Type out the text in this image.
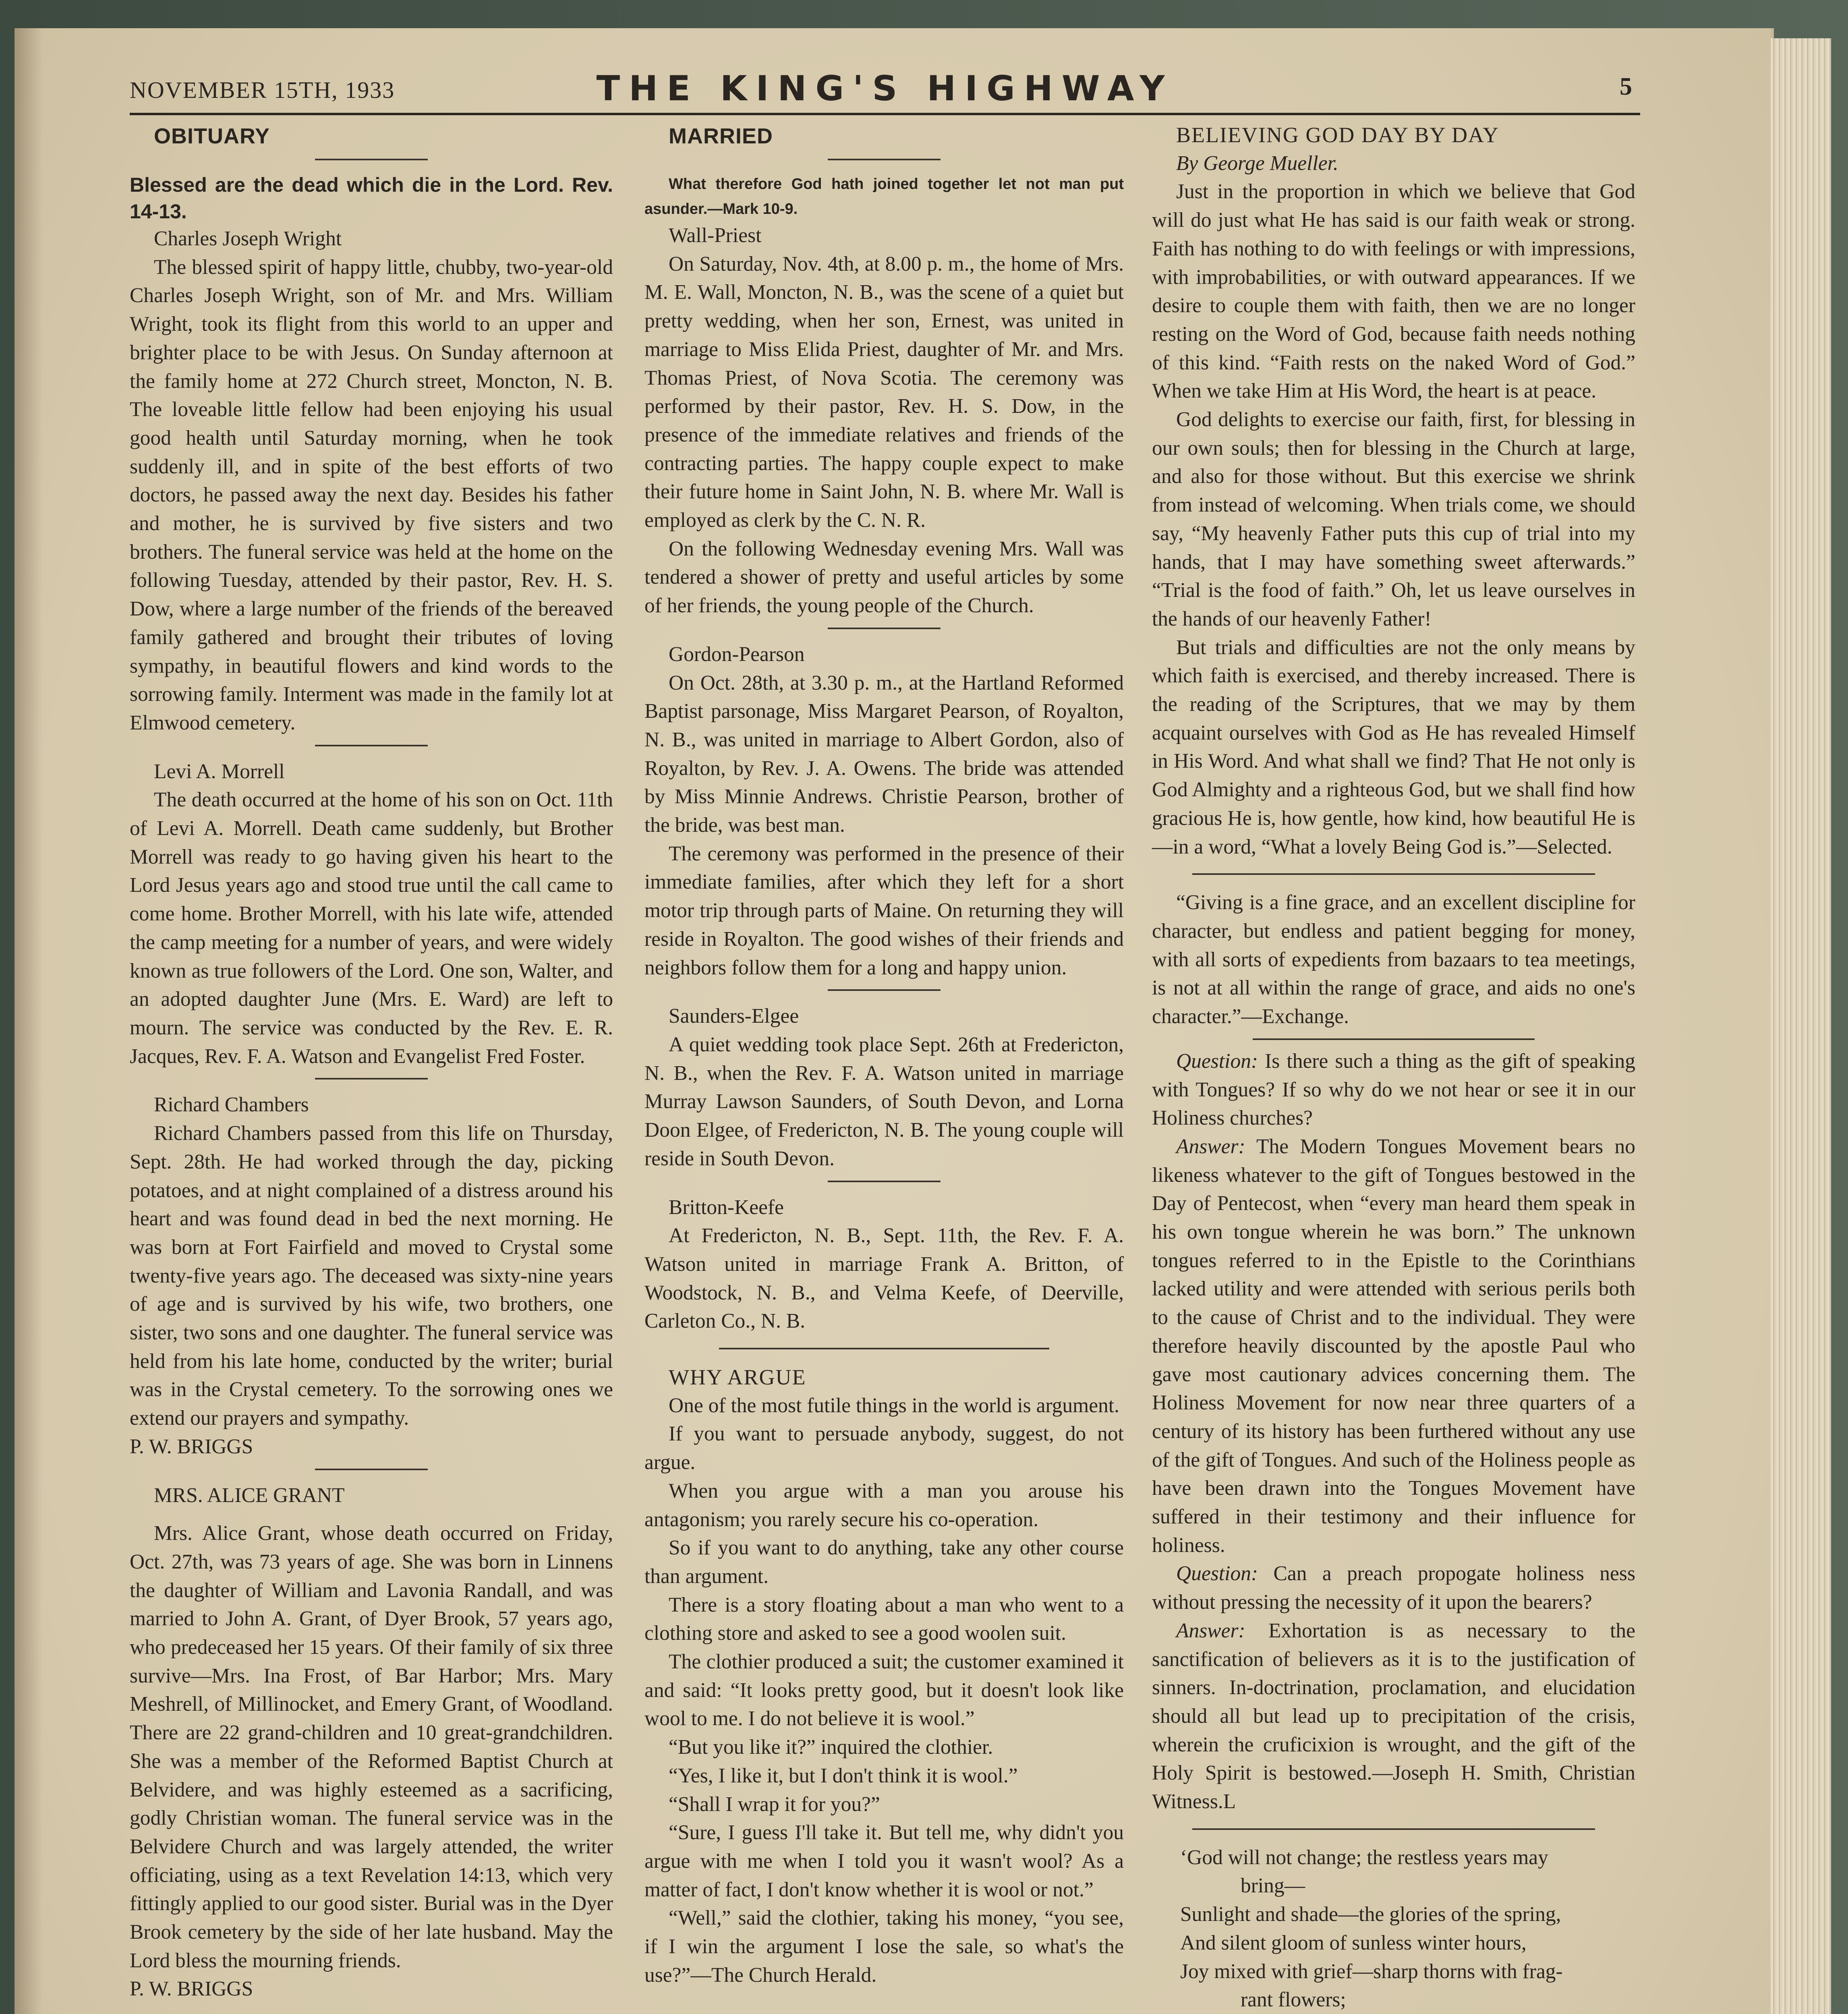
NOVEMBER 15TH, 1933	THE KING'S HIGHWAY	5

OBITUARY

Blessed are the dead which die in the Lord. Rev. 14-13.

Charles Joseph Wright

The blessed spirit of happy little, chubby, two-year-old Charles Joseph Wright, son of Mr. and Mrs. William Wright, took its flight from this world to an upper and brighter place to be with Jesus. On Sunday afternoon at the family home at 272 Church street, Moncton, N. B. The loveable little fellow had been enjoying his usual good health until Saturday morning, when he took suddenly ill, and in spite of the best efforts of two doctors, he passed away the next day. Besides his father and mother, he is survived by five sisters and two brothers. The funeral service was held at the home on the following Tuesday, attended by their pastor, Rev. H. S. Dow, where a large number of the friends of the bereaved family gathered and brought their tributes of loving sympathy, in beautiful flowers and kind words to the sorrowing family. Interment was made in the family lot at Elmwood cemetery.

Levi A. Morrell

The death occurred at the home of his son on Oct. 11th of Levi A. Morrell. Death came suddenly, but Brother Morrell was ready to go having given his heart to the Lord Jesus years ago and stood true until the call came to come home. Brother Morrell, with his late wife, attended the camp meeting for a number of years, and were widely known as true followers of the Lord. One son, Walter, and an adopted daughter June (Mrs. E. Ward) are left to mourn. The service was conducted by the Rev. E. R. Jacques, Rev. F. A. Watson and Evangelist Fred Foster.

Richard Chambers

Richard Chambers passed from this life on Thursday, Sept. 28th. He had worked through the day, picking potatoes, and at night complained of a distress around his heart and was found dead in bed the next morning. He was born at Fort Fairfield and moved to Crystal some twenty-five years ago. The deceased was sixty-nine years of age and is survived by his wife, two brothers, one sister, two sons and one daughter. The funeral service was held from his late home, conducted by the writer; burial was in the Crystal cemetery. To the sorrowing ones we extend our prayers and sympathy.

P. W. BRIGGS

MRS. ALICE GRANT

Mrs. Alice Grant, whose death occurred on Friday, Oct. 27th, was 73 years of age. She was born in Linnens the daughter of William and Lavonia Randall, and was married to John A. Grant, of Dyer Brook, 57 years ago, who predeceased her 15 years. Of their family of six three survive—Mrs. Ina Frost, of Bar Harbor; Mrs. Mary Meshrell, of Millinocket, and Emery Grant, of Woodland. There are 22 grand-children and 10 great-grandchildren. She was a member of the Reformed Baptist Church at Belvidere, and was highly esteemed as a sacrificing, godly Christian woman. The funeral service was in the Belvidere Church and was largely attended, the writer officiating, using as a text Revelation 14:13, which very fittingly applied to our good sister. Burial was in the Dyer Brook cemetery by the side of her late husband. May the Lord bless the mourning friends.

P. W. BRIGGS

MARRIED

What therefore God hath joined together let not man put asunder.—Mark 10-9.

Wall-Priest

On Saturday, Nov. 4th, at 8.00 p. m., the home of Mrs. M. E. Wall, Moncton, N. B., was the scene of a quiet but pretty wedding, when her son, Ernest, was united in marriage to Miss Elida Priest, daughter of Mr. and Mrs. Thomas Priest, of Nova Scotia. The ceremony was performed by their pastor, Rev. H. S. Dow, in the presence of the immediate relatives and friends of the contracting parties. The happy couple expect to make their future home in Saint John, N. B. where Mr. Wall is employed as clerk by the C. N. R.

On the following Wednesday evening Mrs. Wall was tendered a shower of pretty and useful articles by some of her friends, the young people of the Church.

Gordon-Pearson

On Oct. 28th, at 3.30 p. m., at the Hartland Reformed Baptist parsonage, Miss Margaret Pearson, of Royalton, N. B., was united in marriage to Albert Gordon, also of Royalton, by Rev. J. A. Owens. The bride was attended by Miss Minnie Andrews. Christie Pearson, brother of the bride, was best man.

The ceremony was performed in the presence of their immediate families, after which they left for a short motor trip through parts of Maine. On returning they will reside in Royalton. The good wishes of their friends and neighbors follow them for a long and happy union.

Saunders-Elgee

A quiet wedding took place Sept. 26th at Fredericton, N. B., when the Rev. F. A. Watson united in marriage Murray Lawson Saunders, of South Devon, and Lorna Doon Elgee, of Fredericton, N. B. The young couple will reside in South Devon.

Britton-Keefe

At Fredericton, N. B., Sept. 11th, the Rev. F. A. Watson united in marriage Frank A. Britton, of Woodstock, N. B., and Velma Keefe, of Deerville, Carleton Co., N. B.

WHY ARGUE

One of the most futile things in the world is argument.

If you want to persuade anybody, suggest, do not argue.

When you argue with a man you arouse his antagonism; you rarely secure his co-operation.

So if you want to do anything, take any other course than argument.

There is a story floating about a man who went to a clothing store and asked to see a good woolen suit.

The clothier produced a suit; the customer examined it and said: “It looks pretty good, but it doesn't look like wool to me. I do not believe it is wool.”

“But you like it?” inquired the clothier.

“Yes, I like it, but I don't think it is wool.”

“Shall I wrap it for you?”

“Sure, I guess I'll take it. But tell me, why didn't you argue with me when I told you it wasn't wool? As a matter of fact, I don't know whether it is wool or not.”

“Well,” said the clothier, taking his money, “you see, if I win the argument I lose the sale, so what's the use?”—The Church Herald.

BELIEVING GOD DAY BY DAY

By George Mueller.

Just in the proportion in which we believe that God will do just what He has said is our faith weak or strong. Faith has nothing to do with feelings or with impressions, with improbabilities, or with outward appearances. If we desire to couple them with faith, then we are no longer resting on the Word of God, because faith needs nothing of this kind. “Faith rests on the naked Word of God.” When we take Him at His Word, the heart is at peace.

God delights to exercise our faith, first, for blessing in our own souls; then for blessing in the Church at large, and also for those without. But this exercise we shrink from instead of welcoming. When trials come, we should say, “My heavenly Father puts this cup of trial into my hands, that I may have something sweet afterwards.” “Trial is the food of faith.” Oh, let us leave ourselves in the hands of our heavenly Father!

But trials and difficulties are not the only means by which faith is exercised, and thereby increased. There is the reading of the Scriptures, that we may by them acquaint ourselves with God as He has revealed Himself in His Word. And what shall we find? That He not only is God Almighty and a righteous God, but we shall find how gracious He is, how gentle, how kind, how beautiful He is—in a word, “What a lovely Being God is.”—Selected.

“Giving is a fine grace, and an excellent discipline for character, but endless and patient begging for money, with all sorts of expedients from bazaars to tea meetings, is not at all within the range of grace, and aids no one's character.”—Exchange.

Question: Is there such a thing as the gift of speaking with Tongues? If so why do we not hear or see it in our Holiness churches?

Answer: The Modern Tongues Movement bears no likeness whatever to the gift of Tongues bestowed in the Day of Pentecost, when “every man heard them speak in his own tongue wherein he was born.” The unknown tongues referred to in the Epistle to the Corinthians lacked utility and were attended with serious perils both to the cause of Christ and to the individual. They were therefore heavily discounted by the apostle Paul who gave most cautionary advices concerning them. The Holiness Movement for now near three quarters of a century of its history has been furthered without any use of the gift of Tongues. And such of the Holiness people as have been drawn into the Tongues Movement have suffered in their testimony and their influence for holiness.

Question: Can a preach propogate holiness ness without pressing the necessity of it upon the bearers?

Answer: Exhortation is as necessary to the sanctification of believers as it is to the justification of sinners. In-doctrination, proclamation, and elucidation should all but lead up to precipitation of the crisis, wherein the cruficixion is wrought, and the gift of the Holy Spirit is bestowed.—Joseph H. Smith, Christian Witness.L

‘God will not change; the restless years may

bring—

Sunlight and shade—the glories of the spring,

And silent gloom of sunless winter hours,

Joy mixed with grief—sharp thorns with frag-

rant flowers;
